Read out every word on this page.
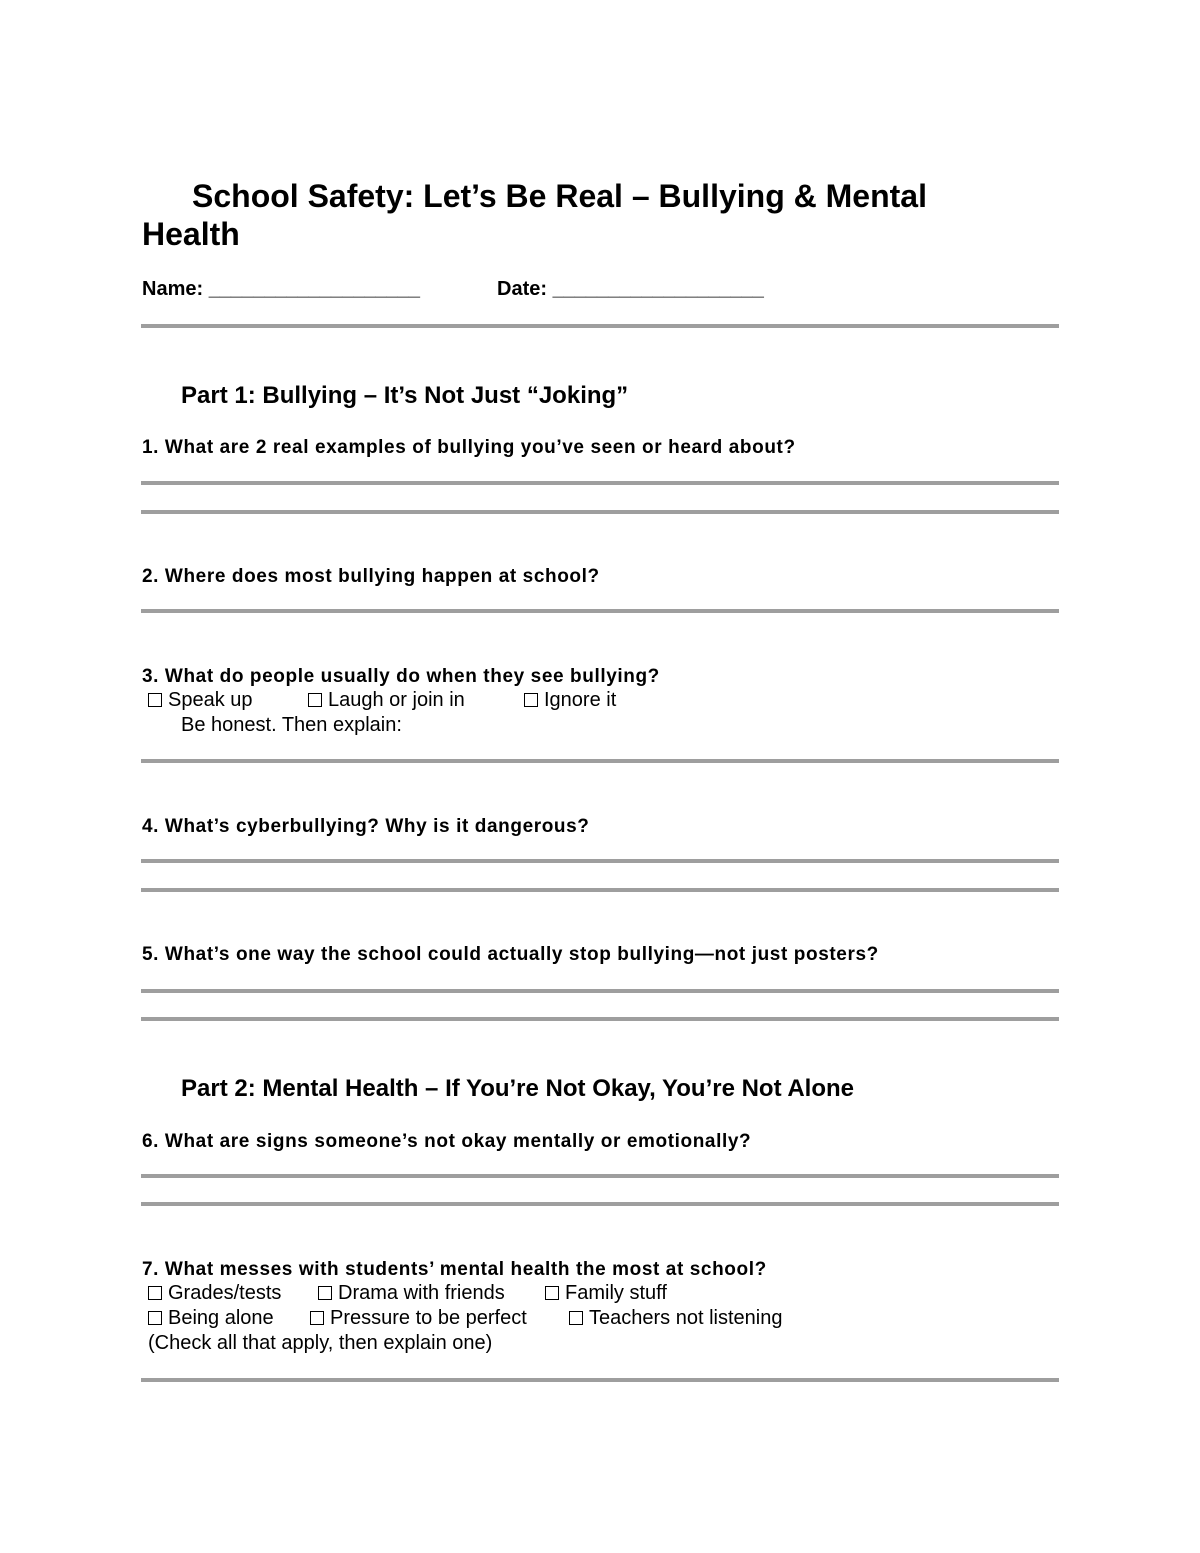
School Safety: Let’s Be Real – Bullying & Mental
Health
Name: ___________________	Date: ___________________
Part 1: Bullying – It’s Not Just “Joking”
1. What are 2 real examples of bullying you’ve seen or heard about?
2. Where does most bullying happen at school?
3. What do people usually do when they see bullying?
Speak up	Laugh or join in	Ignore it
Be honest. Then explain:
4. What’s cyberbullying? Why is it dangerous?
5. What’s one way the school could actually stop bullying—not just posters?
Part 2: Mental Health – If You’re Not Okay, You’re Not Alone
6. What are signs someone’s not okay mentally or emotionally?
7. What messes with students’ mental health the most at school?
Grades/tests	Drama with friends	Family stuff
Being alone	Pressure to be perfect	Teachers not listening
(Check all that apply, then explain one)
